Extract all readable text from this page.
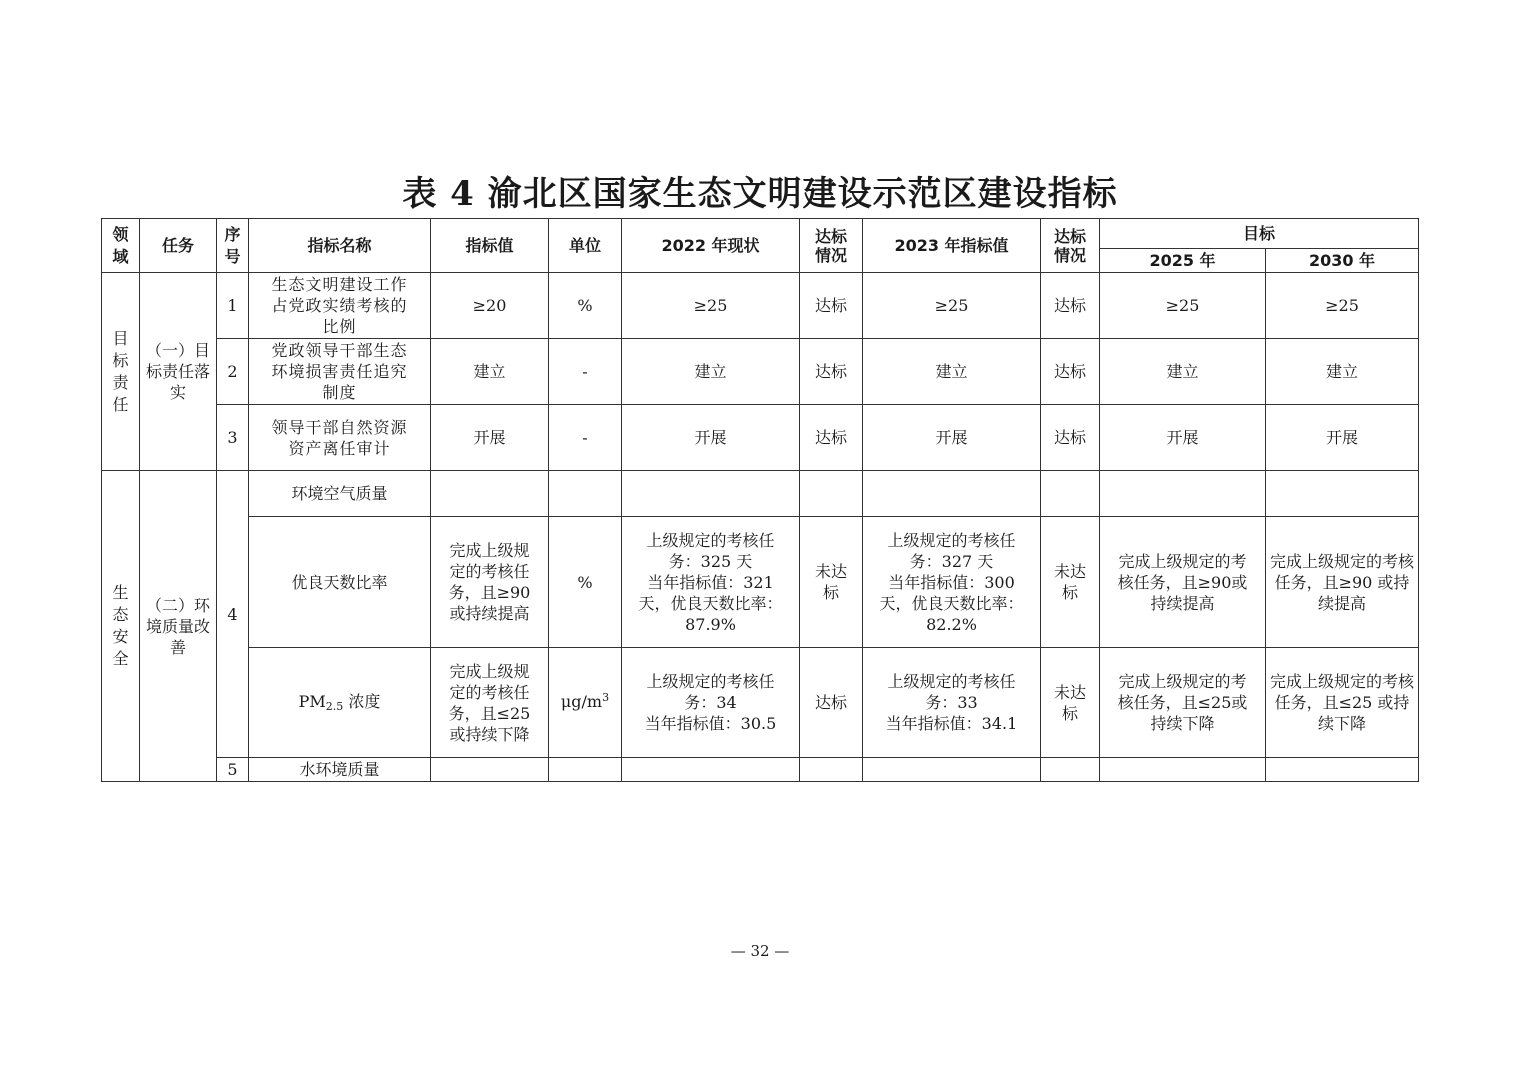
表 4 渝北区国家生态文明建设示范区建设指标
领域	任务	序号	指标名称	指标值	单位	2022 年现状	达标情况	2023 年指标值	达标情况	目标	
										2025 年	2030 年

目标责任	（一）目标责任落实	1	生态文明建设工作占党政实绩考核的比例	≥20	%	≥25	达标	≥25	达标	≥25	≥25
		2	党政领导干部生态环境损害责任追究制度	建立	-	建立	达标	建立	达标	建立	建立
		3	领导干部自然资源资产离任审计	开展	-	开展	达标	开展	达标	开展	开展

生态安全	（二）环境质量改善	4	环境空气质量								
			优良天数比率	完成上级规定的考核任务，且≥90或持续提高	%	上级规定的考核任务：325 天
当年指标值：321 天，优良天数比率：87.9%	未达标	上级规定的考核任务：327 天
当年指标值：300 天，优良天数比率：82.2%	未达标	完成上级规定的考核任务，且≥90或持续提高	完成上级规定的考核任务，且≥90 或持续提高
			PM2.5 浓度	完成上级规定的考核任务，且≤25或持续下降	$\mu g/m^3$	上级规定的考核任务：34
当年指标值：30.5	达标	上级规定的考核任务：33
当年指标值：34.1	未达标	完成上级规定的考核任务，且≤25或持续下降	完成上级规定的考核任务，且≤25 或持续下降
		5	水环境质量								
— 32 —
